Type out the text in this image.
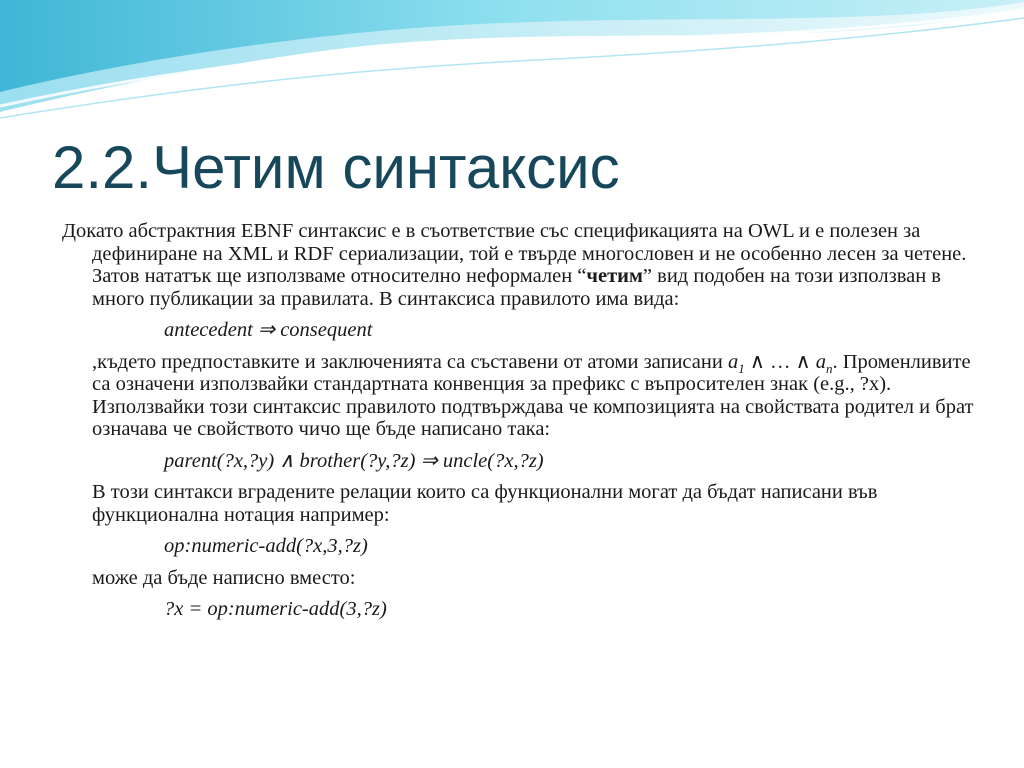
2.2.Четим синтаксис

Докато абстрактния EBNF синтаксис е в съответствие със спецификацията на OWL и е полезен за дефиниране на XML и RDF сериализации, той е твърде многословен и не особенно лесен за четене. Затов нататък ще използваме относително неформален “четим” вид подобен на този използван в много публикации за правилата. В синтаксиса правилото има вида:

antecedent ⇒ consequent

,където предпоставките и заключенията са съставени от атоми записани $a_1$ ∧ … ∧ $a_n$. Променливите са означени използвайки стандартната конвенция за префикс с въпросителен знак (e.g., ?x). Използвайки този синтаксис правилото подтвърждава че композицията на свойствата родител и брат означава че свойството чичо ще бъде написано така:

parent(?x,?y) ∧ brother(?y,?z) ⇒ uncle(?x,?z)

В този синтакси вградените релации които са функционални могат да бъдат написани във функционална нотация например:

op:numeric-add(?x,3,?z)

може да бъде написно вместо:

?x = op:numeric-add(3,?z)
